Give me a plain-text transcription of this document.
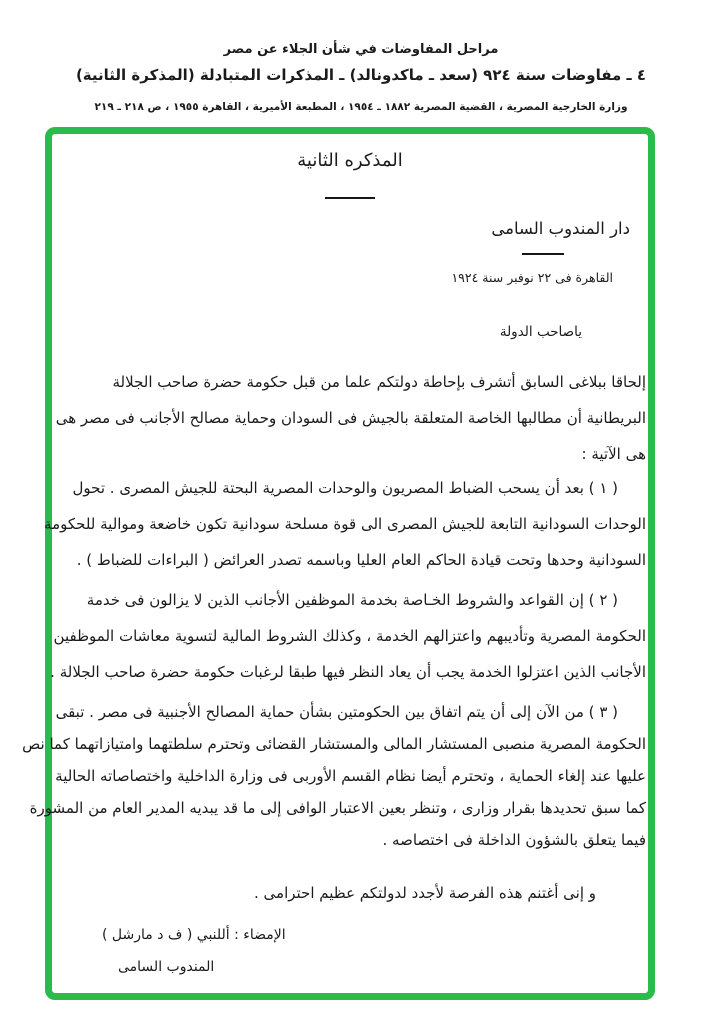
مراحل المفاوضات في شأن الجلاء عن مصر
٤ ـ مفاوضات سنة ٩٢٤ (سعد ـ ماكدونالد) ـ المذكرات المتبادلة (المذكرة الثانية)
وزارة الخارجية المصرية ، القضية المصرية ١٨٨٢ ـ ١٩٥٤ ، المطبعة الأميرية ، القاهرة ١٩٥٥ ، ص ٢١٨ ـ ٢١٩
المذكره الثانية
دار المندوب السامى
القاهرة فى ٢٢ نوفبر سنة ١٩٢٤
ياصاحب الدولة
إلحاقا ببلاغى السابق أتشرف بإحاطة دولتكم علما من قبل حكومة حضرة صاحب الجلالة
البريطانية أن مطالبها الخاصة المتعلقة بالجيش فى السودان وحماية مصالح الأجانب فى مصر هى
هى الآتية :
( ١ ) بعد أن يسحب الضباط المصريون والوحدات المصرية البحتة للجيش المصرى . تحول
الوحدات السودانية التابعة للجيش المصرى الى قوة مسلحة سودانية تكون خاضعة وموالية للحكومة
السودانية وحدها وتحت قيادة الحاكم العام العليا وباسمه تصدر العرائض ( البراءات للضباط ) .
( ٢ ) إن القواعد والشروط الخـاصة بخدمة الموظفين الأجانب الذين لا يزالون فى خدمة
الحكومة المصرية وتأديبهم واعتزالهم الخدمة ، وكذلك الشروط المالية لتسوية معاشات الموظفين
الأجانب الذين اعتزلوا الخدمة يجب أن يعاد النظر فيها طبقا لرغبات حكومة حضرة صاحب الجلالة .
( ٣ ) من الآن إلى أن يتم اتفاق بين الحكومتين بشأن حماية المصالح الأجنبية فى مصر . تبقى
الحكومة المصرية منصبى المستشار المالى والمستشار القضائى وتحترم سلطتهما وامتيازاتهما كما نص
عليها عند إلغاء الحماية ، وتحترم أيضا نظام القسم الأوربى فى وزارة الداخلية واختصاصاته الحالية
كما سبق تحديدها بقرار وزارى ، وتنظر بعين الاعتبار الوافى إلى ما قد يبديه المدير العام من المشورة
فيما يتعلق بالشؤون الداخلة فى اختصاصه .
و إنى أغتنم هذه الفرصة لأجدد لدولتكم عظيم احترامى .
الإمضاء : أللنبي ( ف د مارشل )
المندوب السامى
